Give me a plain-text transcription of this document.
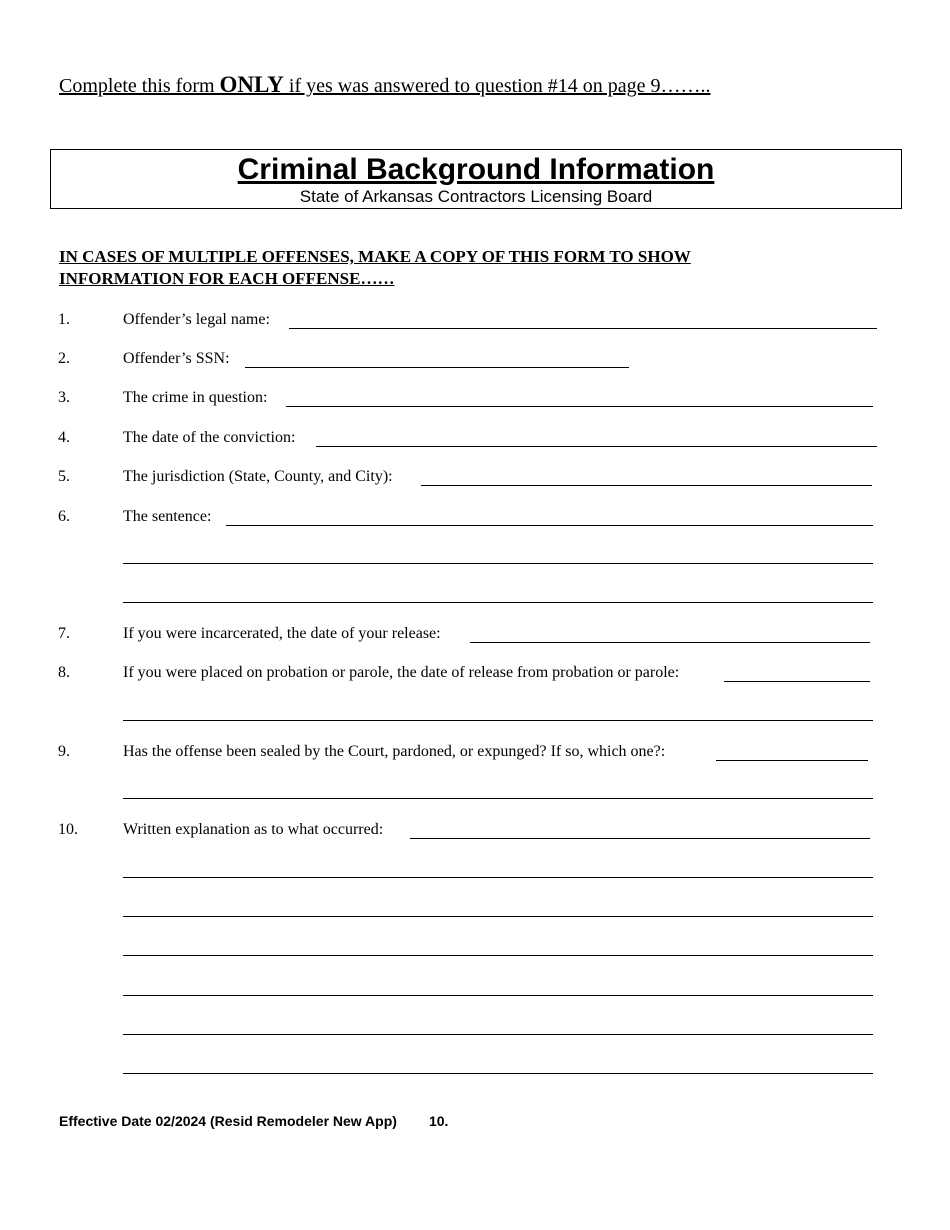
Complete this form ONLY if yes was answered to question #14 on page 9……..
Criminal Background Information
State of Arkansas Contractors Licensing Board
IN CASES OF MULTIPLE OFFENSES, MAKE A COPY OF THIS FORM TO SHOW
INFORMATION FOR EACH OFFENSE……
1.	Offender’s legal name:
2.	Offender’s SSN:
3.	The crime in question:
4.	The date of the conviction:
5.	The jurisdiction (State, County, and City):
6.	The sentence:
7.	If you were incarcerated, the date of your release:
8.	If you were placed on probation or parole, the date of release from probation or parole:
9.	Has the offense been sealed by the Court, pardoned, or expunged? If so, which one?:
10.	Written explanation as to what occurred:
Effective Date 02/2024 (Resid Remodeler New App) 10.
